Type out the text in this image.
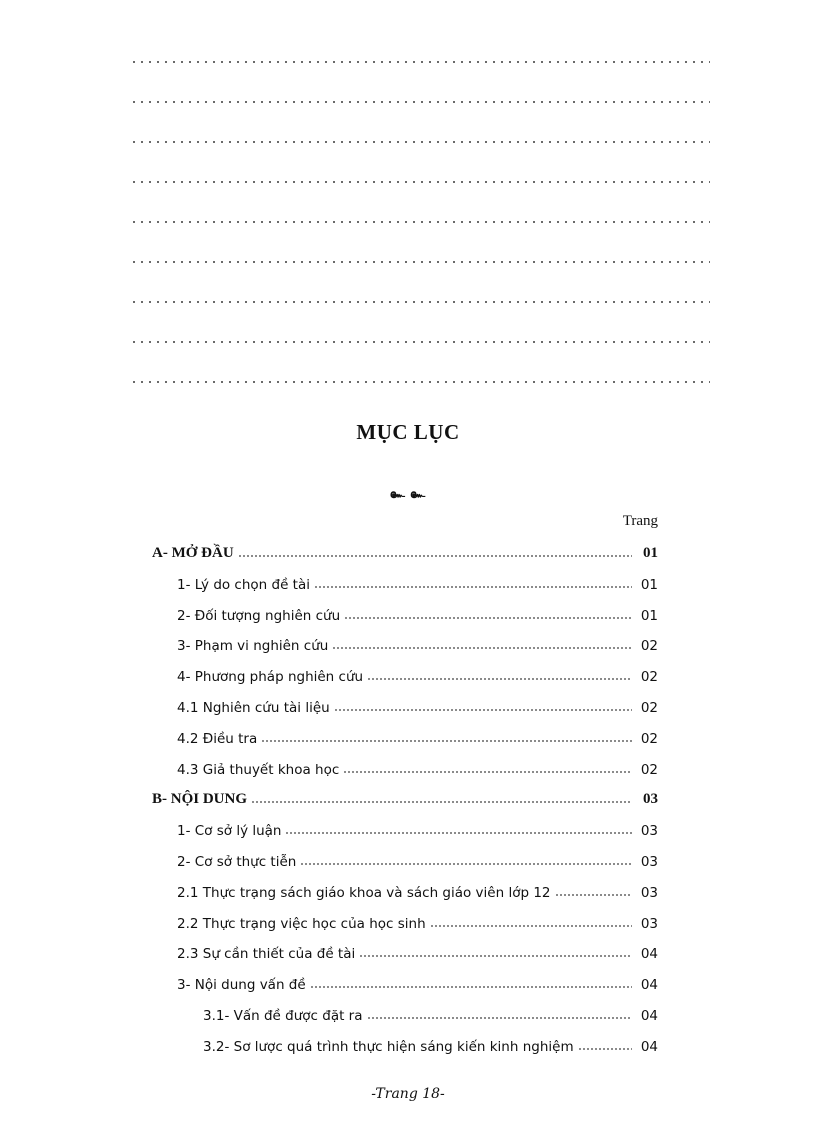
MỤC LỤC
๛ ๛
Trang
A- MỞ ĐẦU	01
1- Lý do chọn đề tài	01
2- Đối tượng nghiên cứu	01
3- Phạm vi nghiên cứu	02
4- Phương pháp nghiên cứu	02
4.1 Nghiên cứu tài liệu	02
4.2 Điều tra	02
4.3 Giả thuyết khoa học	02
B- NỘI DUNG	03
1- Cơ sở lý luận	03
2- Cơ sở thực tiễn	03
2.1 Thực trạng sách giáo khoa và sách giáo viên lớp 12	03
2.2 Thực trạng việc học của học sinh	03
2.3 Sự cần thiết của đề tài	04
3- Nội dung vấn đề	04
3.1- Vấn đề được đặt ra	04
3.2- Sơ lược quá trình thực hiện sáng kiến kinh nghiệm	04
-Trang 18-
